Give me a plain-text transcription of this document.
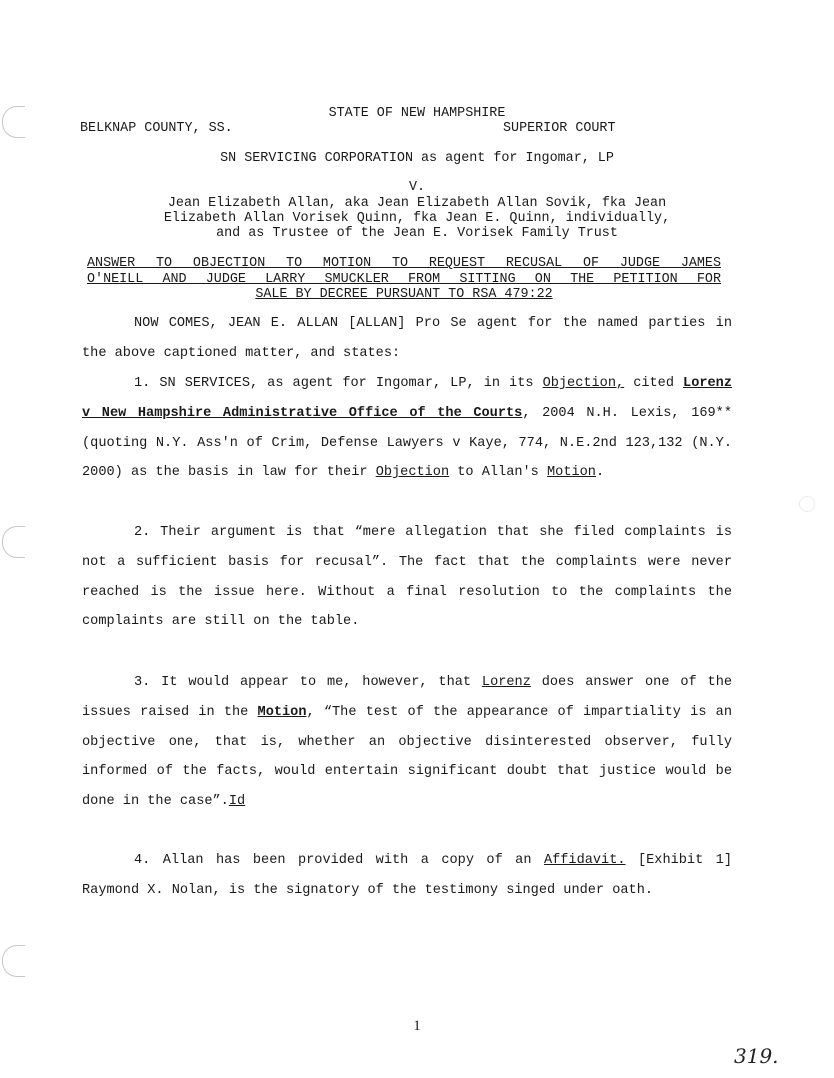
STATE OF NEW HAMPSHIRE
BELKNAP COUNTY, SS.	SUPERIOR COURT
SN SERVICING CORPORATION as agent for Ingomar, LP
V.
Jean Elizabeth Allan, aka Jean Elizabeth Allan Sovik, fka Jean
Elizabeth Allan Vorisek Quinn, fka Jean E. Quinn, individually,
and as Trustee of the Jean E. Vorisek Family Trust
ANSWER TO OBJECTION TO MOTION TO REQUEST RECUSAL OF JUDGE JAMES
O'NEILL AND JUDGE LARRY SMUCKLER FROM SITTING ON THE PETITION FOR
SALE BY DECREE PURSUANT TO RSA 479:22
NOW COMES, JEAN E. ALLAN [ALLAN] Pro Se agent for the named parties in the above captioned matter, and states:
1. SN SERVICES, as agent for Ingomar, LP, in its Objection, cited Lorenz v New Hampshire Administrative Office of the Courts, 2004 N.H. Lexis, 169** (quoting N.Y. Ass'n of Crim, Defense Lawyers v Kaye, 774, N.E.2nd 123,132 (N.Y. 2000) as the basis in law for their Objection to Allan's Motion.
2. Their argument is that “mere allegation that she filed complaints is not a sufficient basis for recusal”. The fact that the complaints were never reached is the issue here. Without a final resolution to the complaints the complaints are still on the table.
3. It would appear to me, however, that Lorenz does answer one of the issues raised in the Motion, “The test of the appearance of impartiality is an objective one, that is, whether an objective disinterested observer, fully informed of the facts, would entertain significant doubt that justice would be done in the case”.Id
4. Allan has been provided with a copy of an Affidavit. [Exhibit 1] Raymond X. Nolan, is the signatory of the testimony singed under oath.
1
319.
